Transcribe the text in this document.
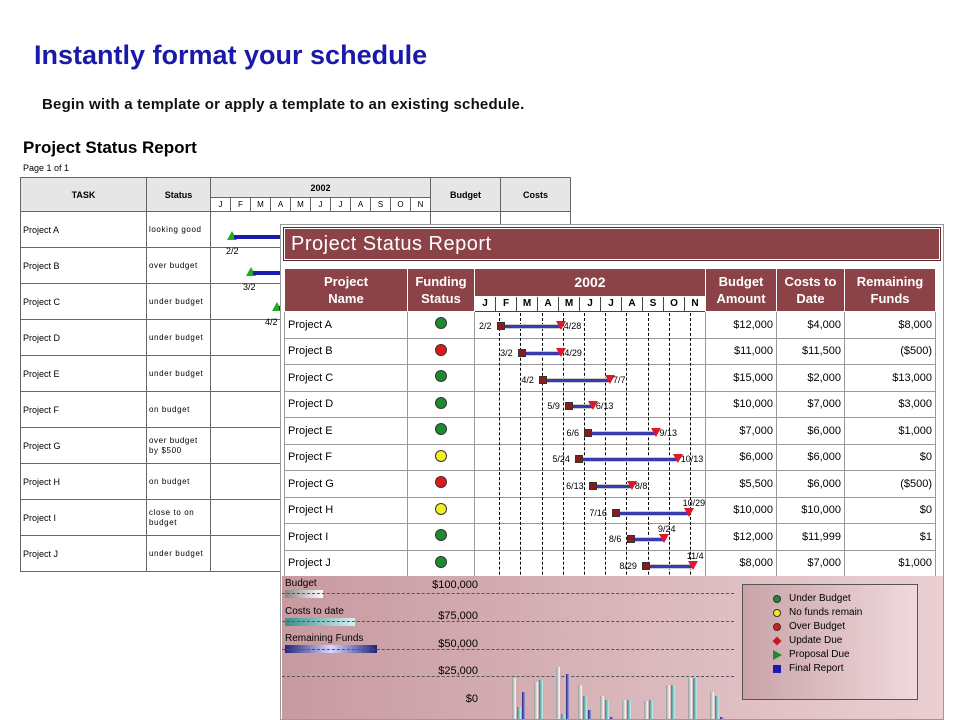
Instantly format your schedule
Begin with a template or apply a template to an existing schedule.
Project Status Report
Page 1 of 1
TASK	Status	2002											Budget	Costs
		J	F	M	A	M	J	J	A	S	O	N		
Project A	looking good													
Project B	over budget													
Project C	under budget													
Project D	under budget													
Project E	under budget													
Project F	on budget													
Project G	over budget by $500													
Project H	on budget													
Project I	close to on budget													
Project J	under budget													
2/2
3/2
4/2
Project Status Report
Project Name	Funding Status	2002											Budget Amount	Costs to Date	Remaining Funds
		J	F	M	A	M	J	J	A	S	O	N			
Project A													$12,000	$4,000	$8,000
Project B													$11,000	$11,500	($500)
Project C													$15,000	$2,000	$13,000
Project D													$10,000	$7,000	$3,000
Project E													$7,000	$6,000	$1,000
Project F													$6,000	$6,000	$0
Project G													$5,500	$6,000	($500)
Project H													$10,000	$10,000	$0
Project I													$12,000	$11,999	$1
Project J													$8,000	$7,000	$1,000
2/2	4/28
3/2	4/29
4/2	7/7
5/9	6/13
6/6	9/13
5/24	10/13
6/13	8/8
7/16
10/29
8/6
9/24
8/29
11/4
Budget
Costs to date
Remaining Funds
$100,000
$75,000
$50,000
$25,000
$0
Under Budget
No funds remain
Over Budget
Update Due
Proposal Due
Final Report
